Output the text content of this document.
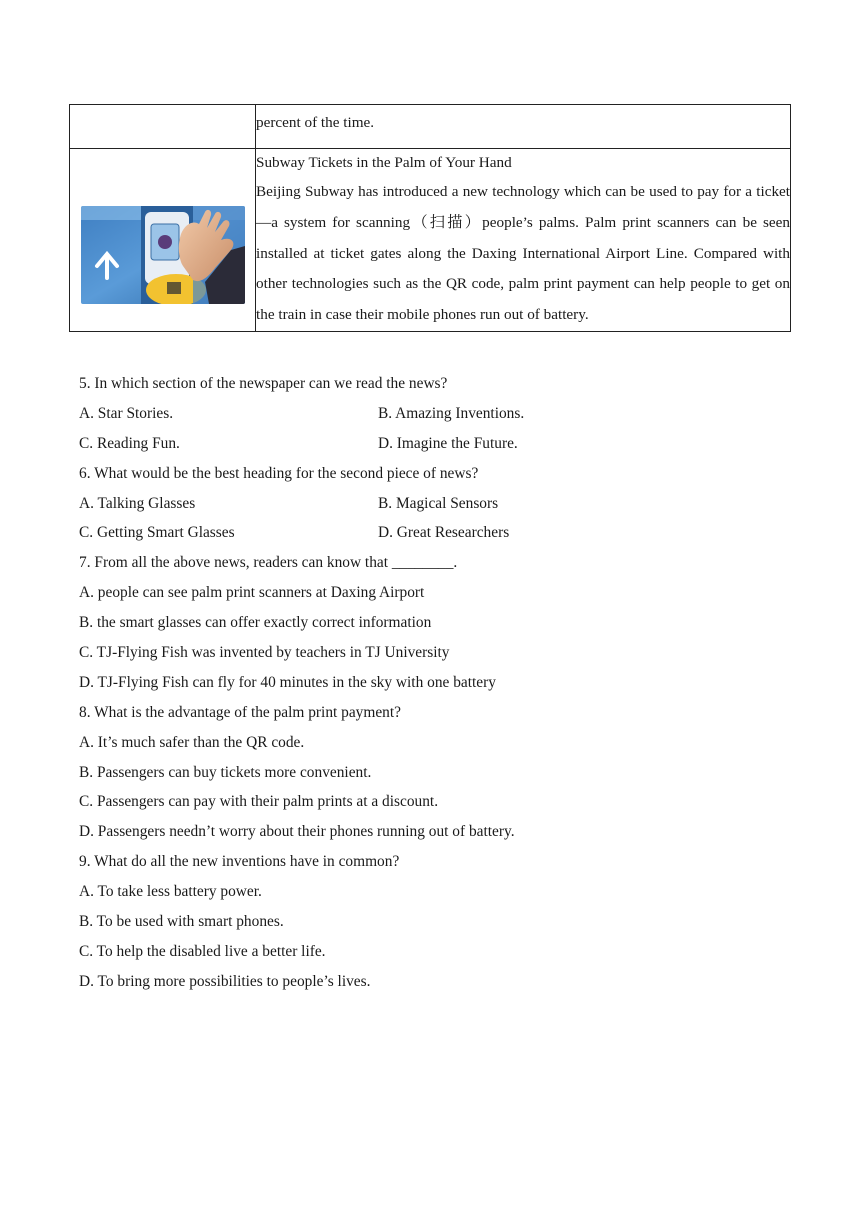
	percent of the time.

Subway Tickets in the Palm of Your Hand
Beijing Subway has introduced a new technology which can be used to pay for a ticket—a system for scanning（扫描）people’s palms. Palm print scanners can be seen installed at ticket gates along the Daxing International Airport Line. Compared with other technologies such as the QR code, palm print payment can help people to get on the train in case their mobile phones run out of battery.
5. In which section of the newspaper can we read the news?
A. Star Stories.	B. Amazing Inventions.
C. Reading Fun.	D. Imagine the Future.
6. What would be the best heading for the second piece of news?
A. Talking Glasses	B. Magical Sensors
C. Getting Smart Glasses	D. Great Researchers
7. From all the above news, readers can know that ________.
A. people can see palm print scanners at Daxing Airport
B. the smart glasses can offer exactly correct information
C. TJ-Flying Fish was invented by teachers in TJ University
D. TJ-Flying Fish can fly for 40 minutes in the sky with one battery
8. What is the advantage of the palm print payment?
A. It’s much safer than the QR code.
B. Passengers can buy tickets more convenient.
C. Passengers can pay with their palm prints at a discount.
D. Passengers needn’t worry about their phones running out of battery.
9. What do all the new inventions have in common?
A. To take less battery power.
B. To be used with smart phones.
C. To help the disabled live a better life.
D. To bring more possibilities to people’s lives.
